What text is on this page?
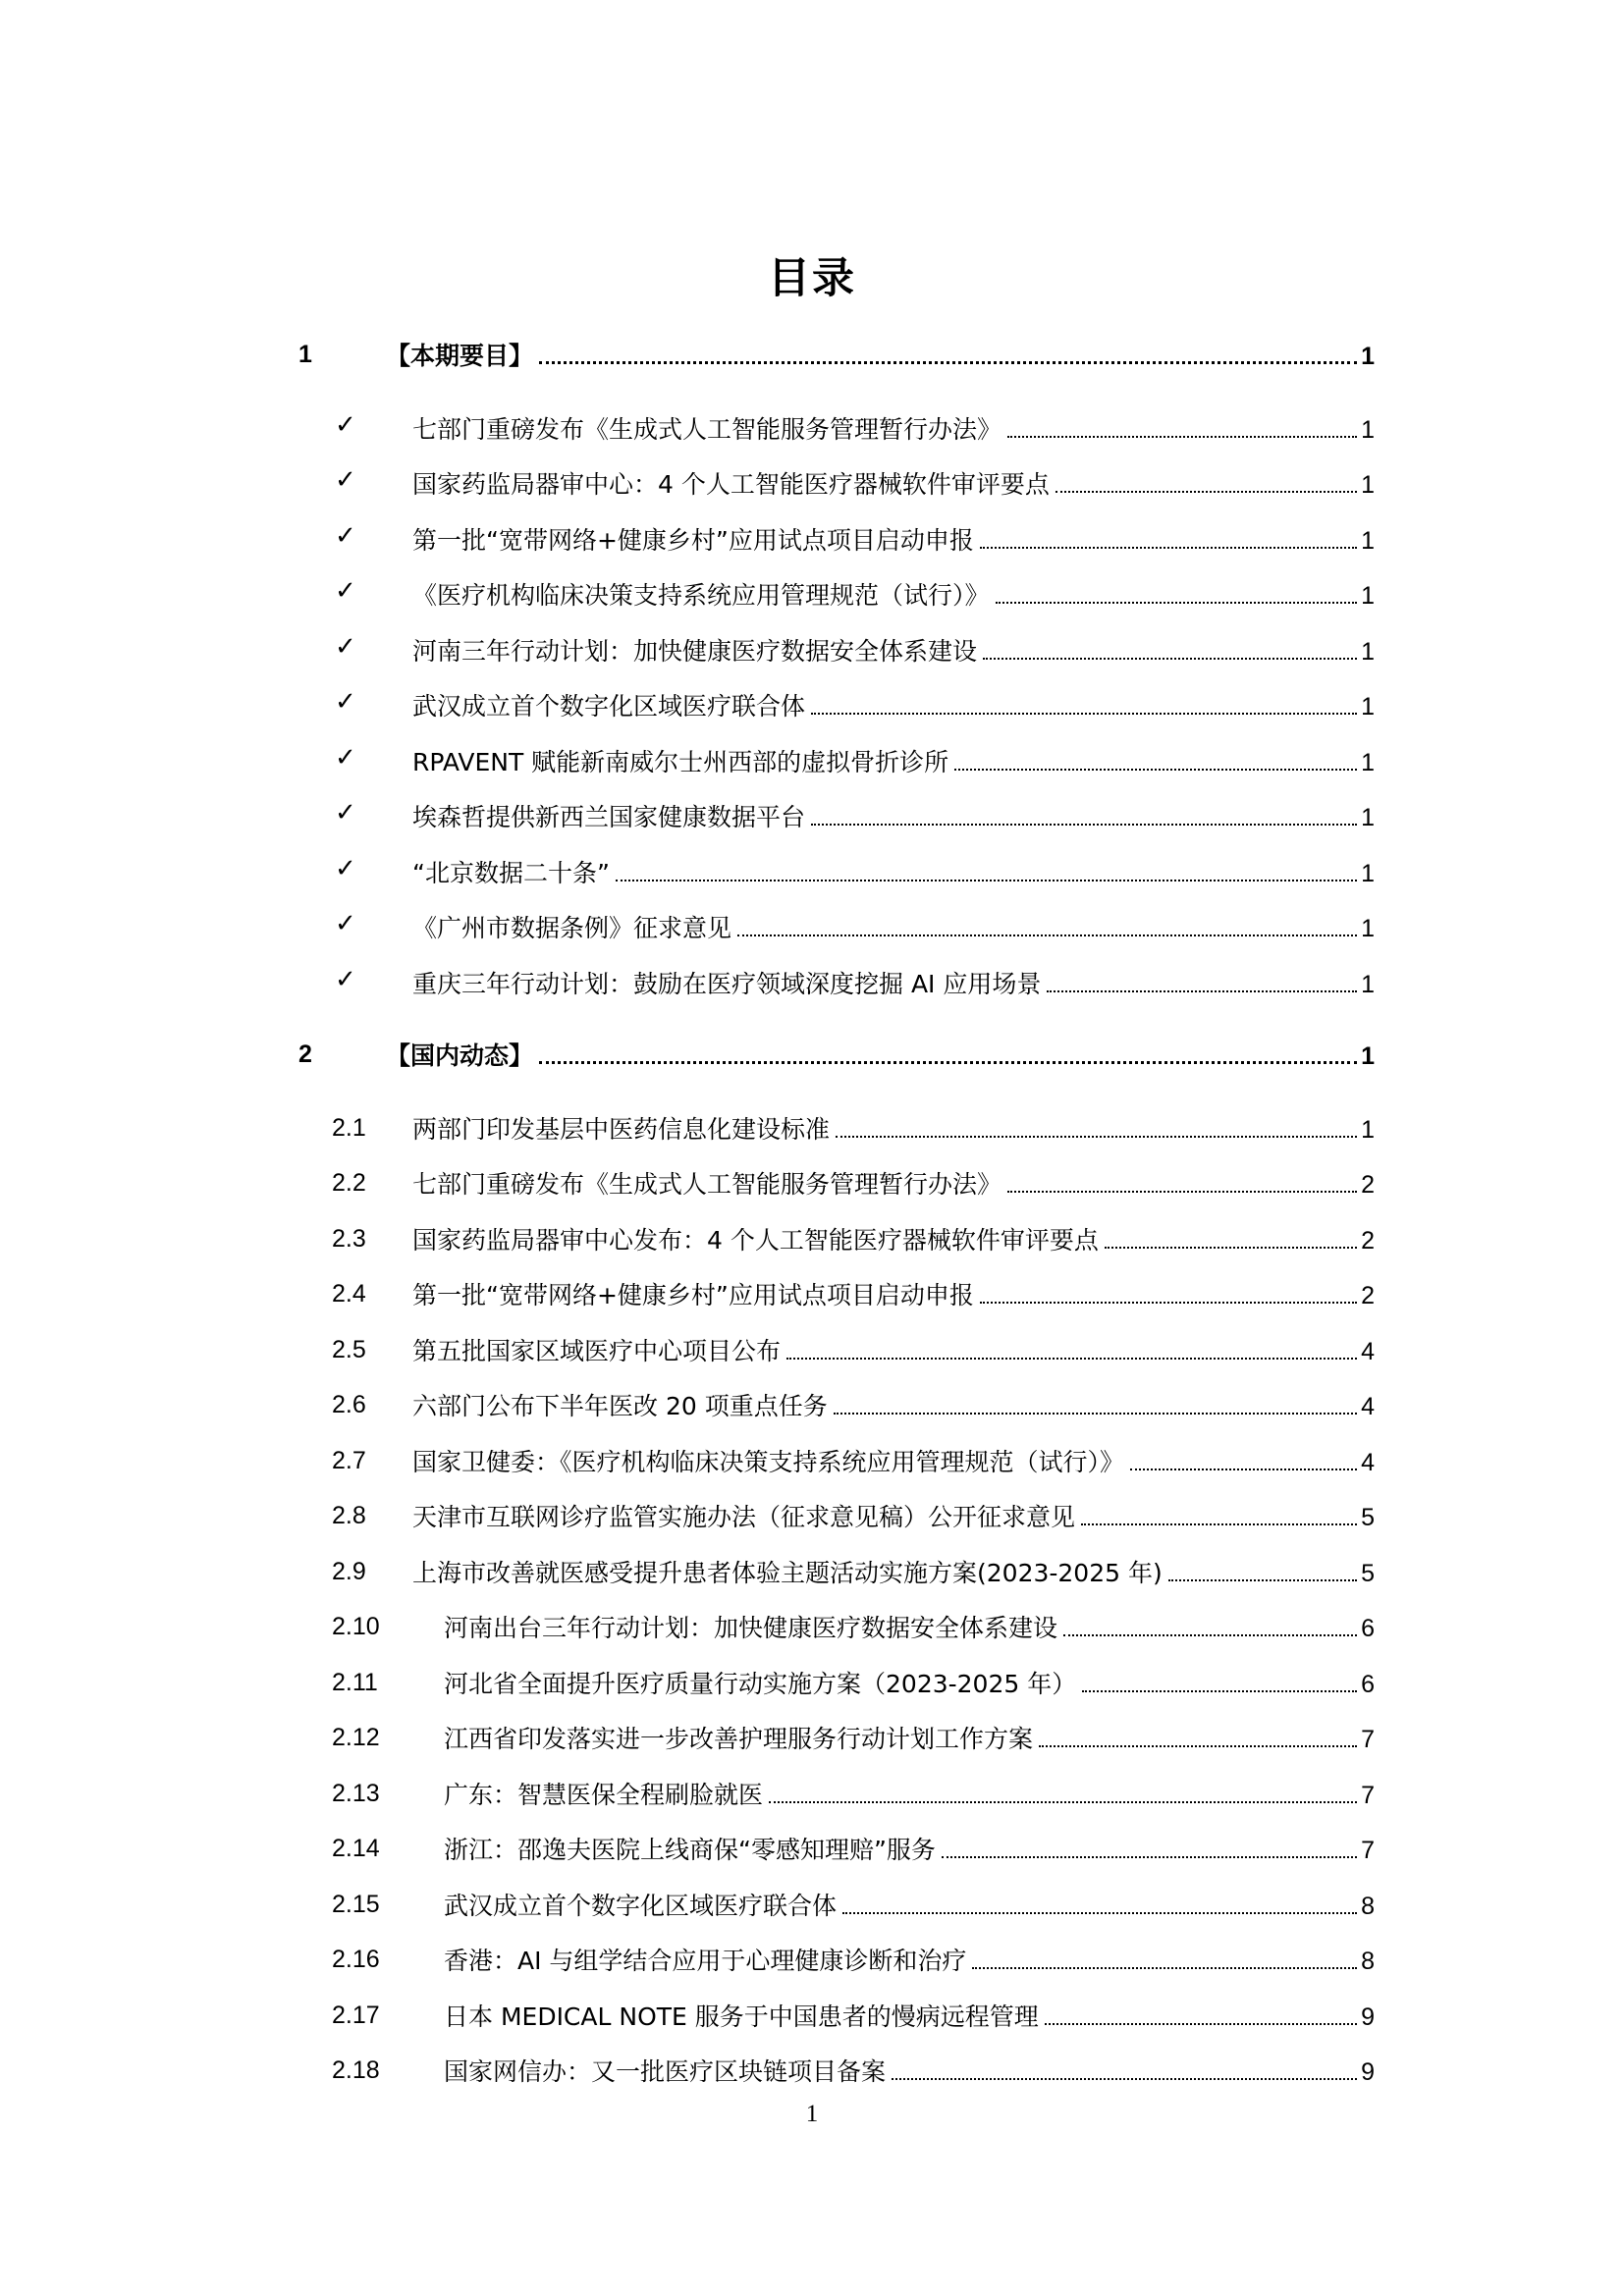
目录
1	【本期要目】	1
✓ 七部门重磅发布《生成式人工智能服务管理暂行办法》	1
✓ 国家药监局器审中心：4 个人工智能医疗器械软件审评要点	1
✓ 第一批“宽带网络+健康乡村”应用试点项目启动申报	1
✓ 《医疗机构临床决策支持系统应用管理规范（试行）》	1
✓ 河南三年行动计划：加快健康医疗数据安全体系建设	1
✓ 武汉成立首个数字化区域医疗联合体	1
✓ RPAVENT 赋能新南威尔士州西部的虚拟骨折诊所	1
✓ 埃森哲提供新西兰国家健康数据平台	1
✓ “北京数据二十条”	1
✓ 《广州市数据条例》征求意见	1
✓ 重庆三年行动计划：鼓励在医疗领域深度挖掘 AI 应用场景	1
2	【国内动态】	1
2.1 两部门印发基层中医药信息化建设标准	1
2.2 七部门重磅发布《生成式人工智能服务管理暂行办法》	2
2.3 国家药监局器审中心发布：4 个人工智能医疗器械软件审评要点	2
2.4 第一批“宽带网络+健康乡村”应用试点项目启动申报	2
2.5 第五批国家区域医疗中心项目公布	4
2.6 六部门公布下半年医改 20 项重点任务	4
2.7 国家卫健委：《医疗机构临床决策支持系统应用管理规范（试行）》	4
2.8 天津市互联网诊疗监管实施办法（征求意见稿）公开征求意见	5
2.9 上海市改善就医感受提升患者体验主题活动实施方案(2023-2025 年)	5
2.10	河南出台三年行动计划：加快健康医疗数据安全体系建设	6
2.11	河北省全面提升医疗质量行动实施方案（2023-2025 年）	6
2.12	江西省印发落实进一步改善护理服务行动计划工作方案	7
2.13	广东：智慧医保全程刷脸就医	7
2.14	浙江：邵逸夫医院上线商保“零感知理赔”服务	7
2.15	武汉成立首个数字化区域医疗联合体	8
2.16	香港：AI 与组学结合应用于心理健康诊断和治疗	8
2.17	日本 MEDICAL NOTE 服务于中国患者的慢病远程管理	9
2.18	国家网信办：又一批医疗区块链项目备案	9
1
